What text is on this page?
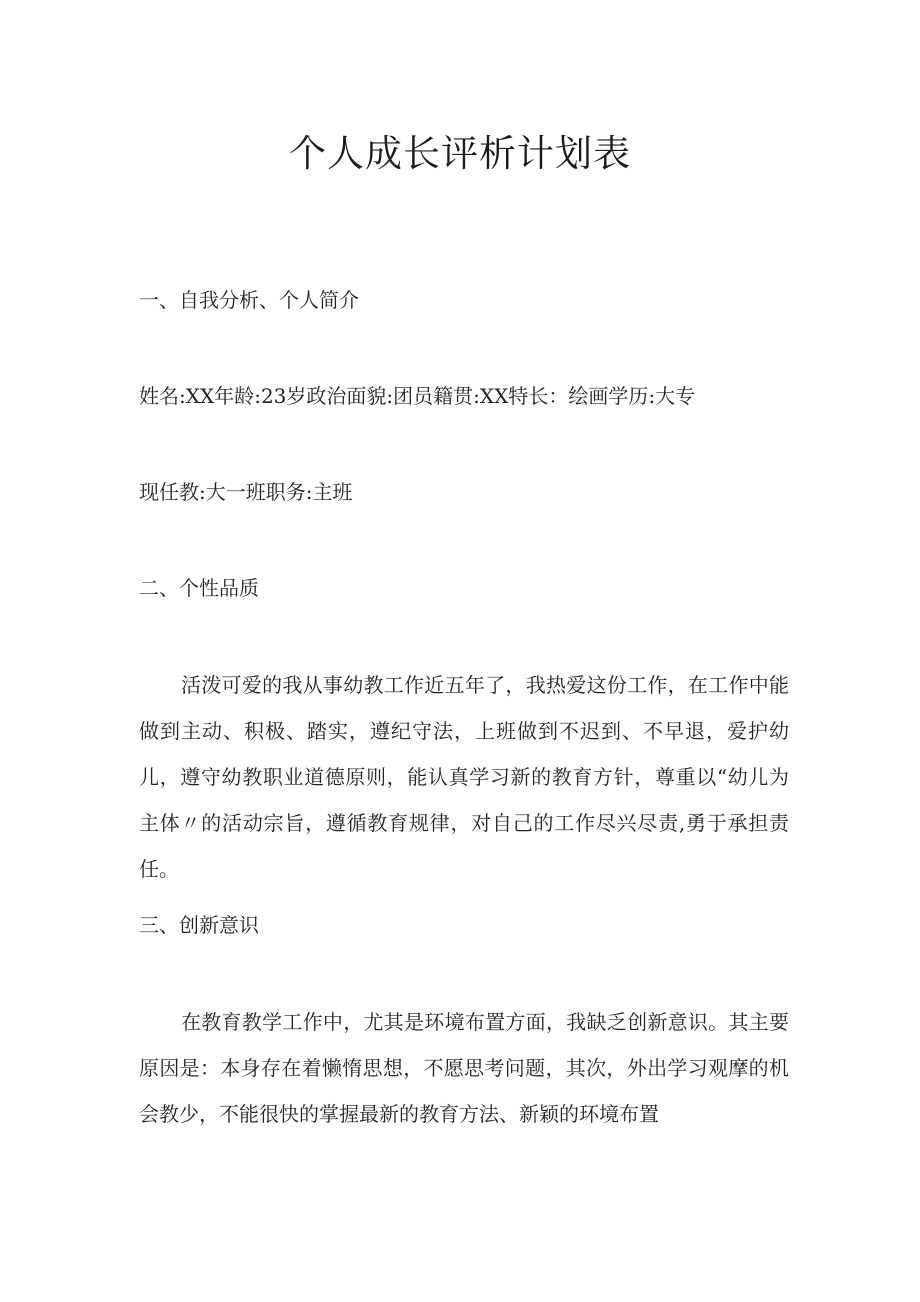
个人成长评析计划表
一、自我分析、个人简介
姓名:XX年龄:23岁政治面貌:团员籍贯:XX特长：绘画学历:大专
现任教:大一班职务:主班
二、个性品质
活泼可爱的我从事幼教工作近五年了，我热爱这份工作，在工作中能做到主动、积极、踏实，遵纪守法，上班做到不迟到、不早退，爱护幼儿，遵守幼教职业道德原则，能认真学习新的教育方针，尊重以“幼儿为主体〃的活动宗旨，遵循教育规律，对自己的工作尽兴尽责,勇于承担责任。
三、创新意识
在教育教学工作中，尤其是环境布置方面，我缺乏创新意识。其主要原因是：本身存在着懒惰思想，不愿思考问题，其次，外出学习观摩的机会教少，不能很快的掌握最新的教育方法、新颖的环境布置
